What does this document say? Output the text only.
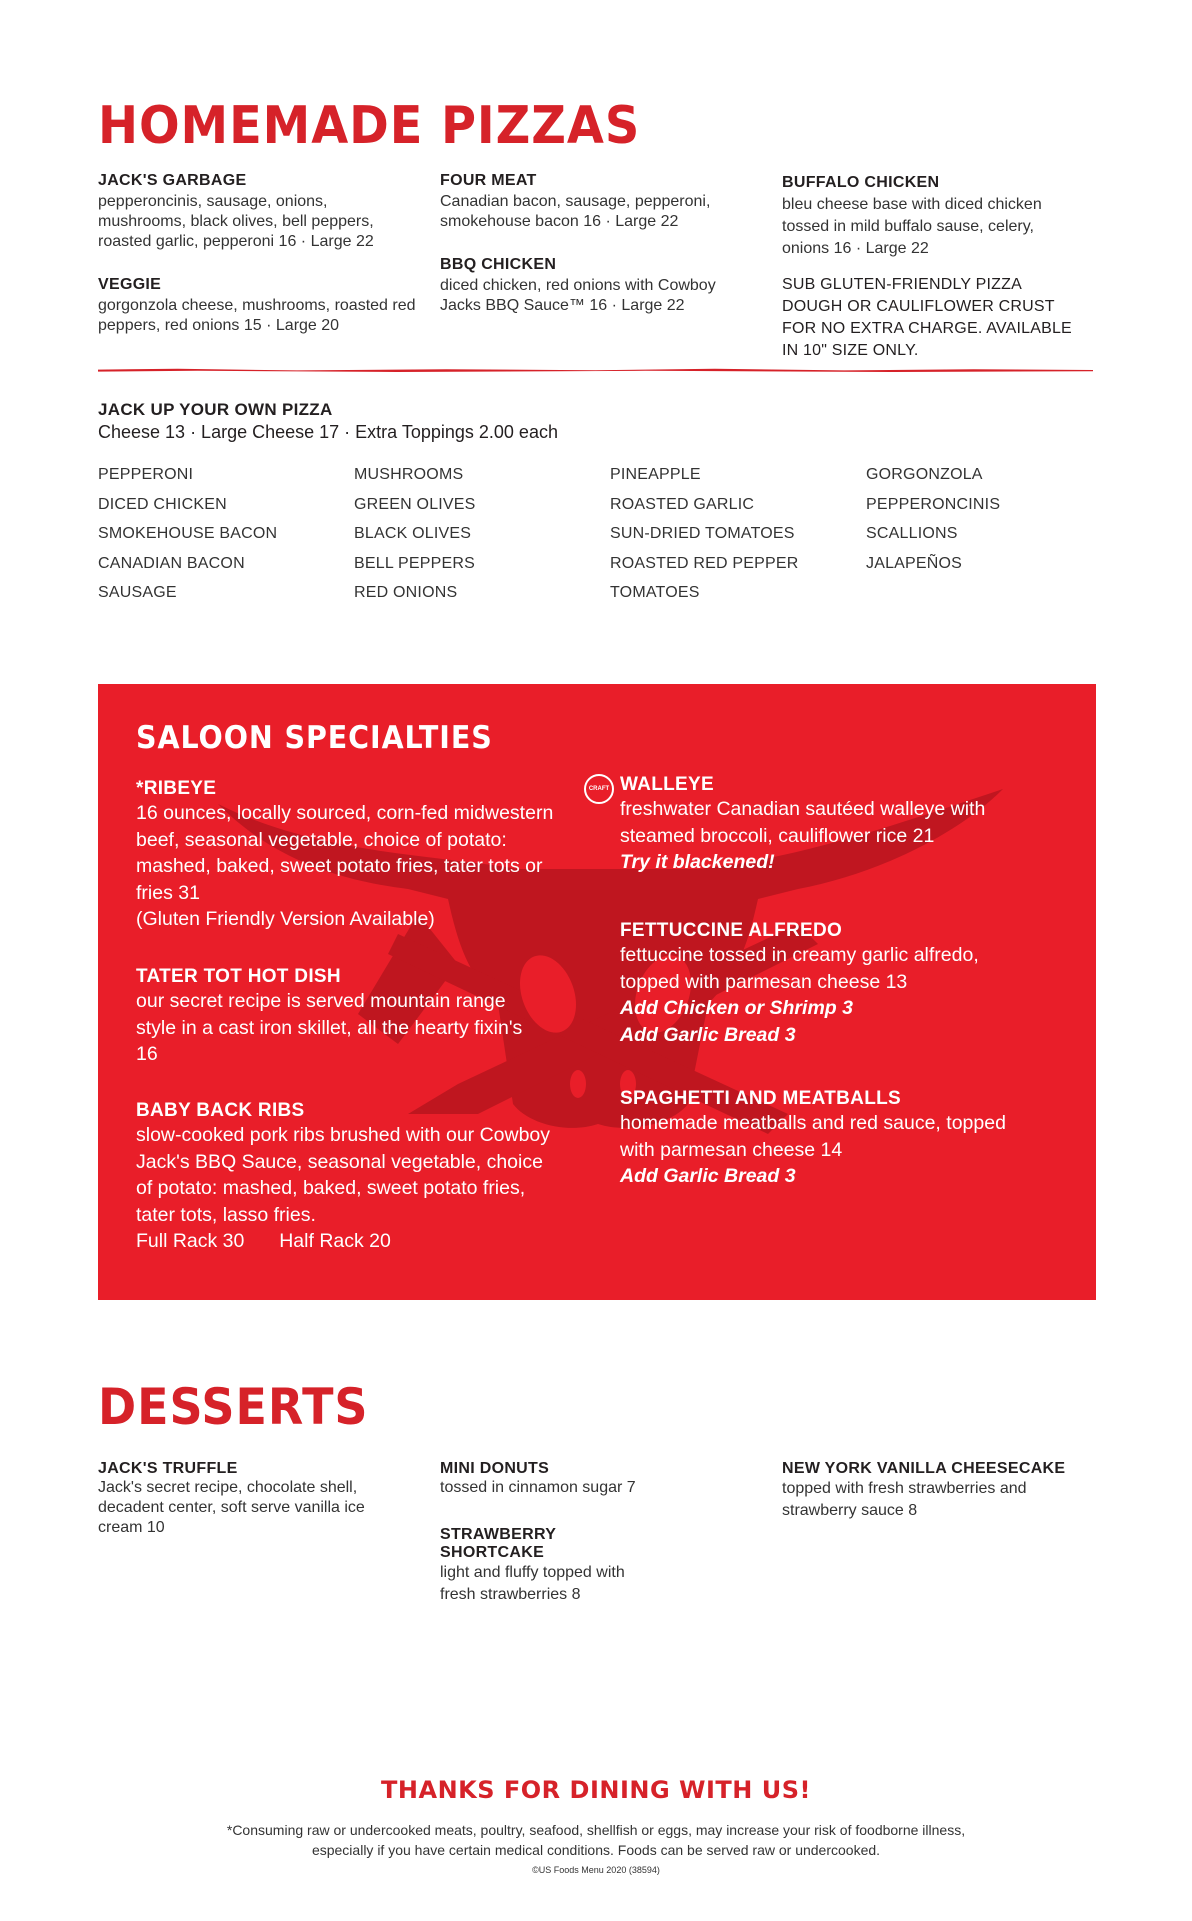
HOMEMADE PIZZAS
JACK'S GARBAGE
pepperoncinis, sausage, onions, mushrooms, black olives, bell peppers, roasted garlic, pepperoni 16 · Large 22
VEGGIE
gorgonzola cheese, mushrooms, roasted red peppers, red onions 15 · Large 20
FOUR MEAT
Canadian bacon, sausage, pepperoni, smokehouse bacon 16 · Large 22
BBQ CHICKEN
diced chicken, red onions with Cowboy Jacks BBQ Sauce™ 16 · Large 22
BUFFALO CHICKEN
bleu cheese base with diced chicken tossed in mild buffalo sause, celery, onions 16 · Large 22
SUB GLUTEN-FRIENDLY PIZZA DOUGH OR CAULIFLOWER CRUST FOR NO EXTRA CHARGE. AVAILABLE IN 10" SIZE ONLY.
JACK UP YOUR OWN PIZZA
Cheese 13 · Large Cheese 17 · Extra Toppings 2.00 each
PEPPERONI
DICED CHICKEN
SMOKEHOUSE BACON
CANADIAN BACON
SAUSAGE
MUSHROOMS
GREEN OLIVES
BLACK OLIVES
BELL PEPPERS
RED ONIONS
PINEAPPLE
ROASTED GARLIC
SUN-DRIED TOMATOES
ROASTED RED PEPPER
TOMATOES
GORGONZOLA
PEPPERONCINIS
SCALLIONS
JALAPEÑOS
SALOON SPECIALTIES
*RIBEYE
16 ounces, locally sourced, corn-fed midwestern beef, seasonal vegetable, choice of potato: mashed, baked, sweet potato fries, tater tots or fries 31
(Gluten Friendly Version Available)
TATER TOT HOT DISH
our secret recipe is served mountain range style in a cast iron skillet, all the hearty fixin's 16
BABY BACK RIBS
slow-cooked pork ribs brushed with our Cowboy Jack's BBQ Sauce, seasonal vegetable, choice of potato: mashed, baked, sweet potato fries, tater tots, lasso fries.
Full Rack 30 Half Rack 20
CRAFT WALLEYE
freshwater Canadian sautéed walleye with steamed broccoli, cauliflower rice 21
Try it blackened!
FETTUCCINE ALFREDO
fettuccine tossed in creamy garlic alfredo, topped with parmesan cheese 13
Add Chicken or Shrimp 3
Add Garlic Bread 3
SPAGHETTI AND MEATBALLS
homemade meatballs and red sauce, topped with parmesan cheese 14
Add Garlic Bread 3
DESSERTS
JACK'S TRUFFLE
Jack's secret recipe, chocolate shell, decadent center, soft serve vanilla ice cream 10
MINI DONUTS
tossed in cinnamon sugar 7
STRAWBERRY SHORTCAKE
light and fluffy topped with fresh strawberries 8
NEW YORK VANILLA CHEESECAKE
topped with fresh strawberries and strawberry sauce 8
THANKS FOR DINING WITH US!
*Consuming raw or undercooked meats, poultry, seafood, shellfish or eggs, may increase your risk of foodborne illness,
especially if you have certain medical conditions. Foods can be served raw or undercooked.
©US Foods Menu 2020 (38594)
